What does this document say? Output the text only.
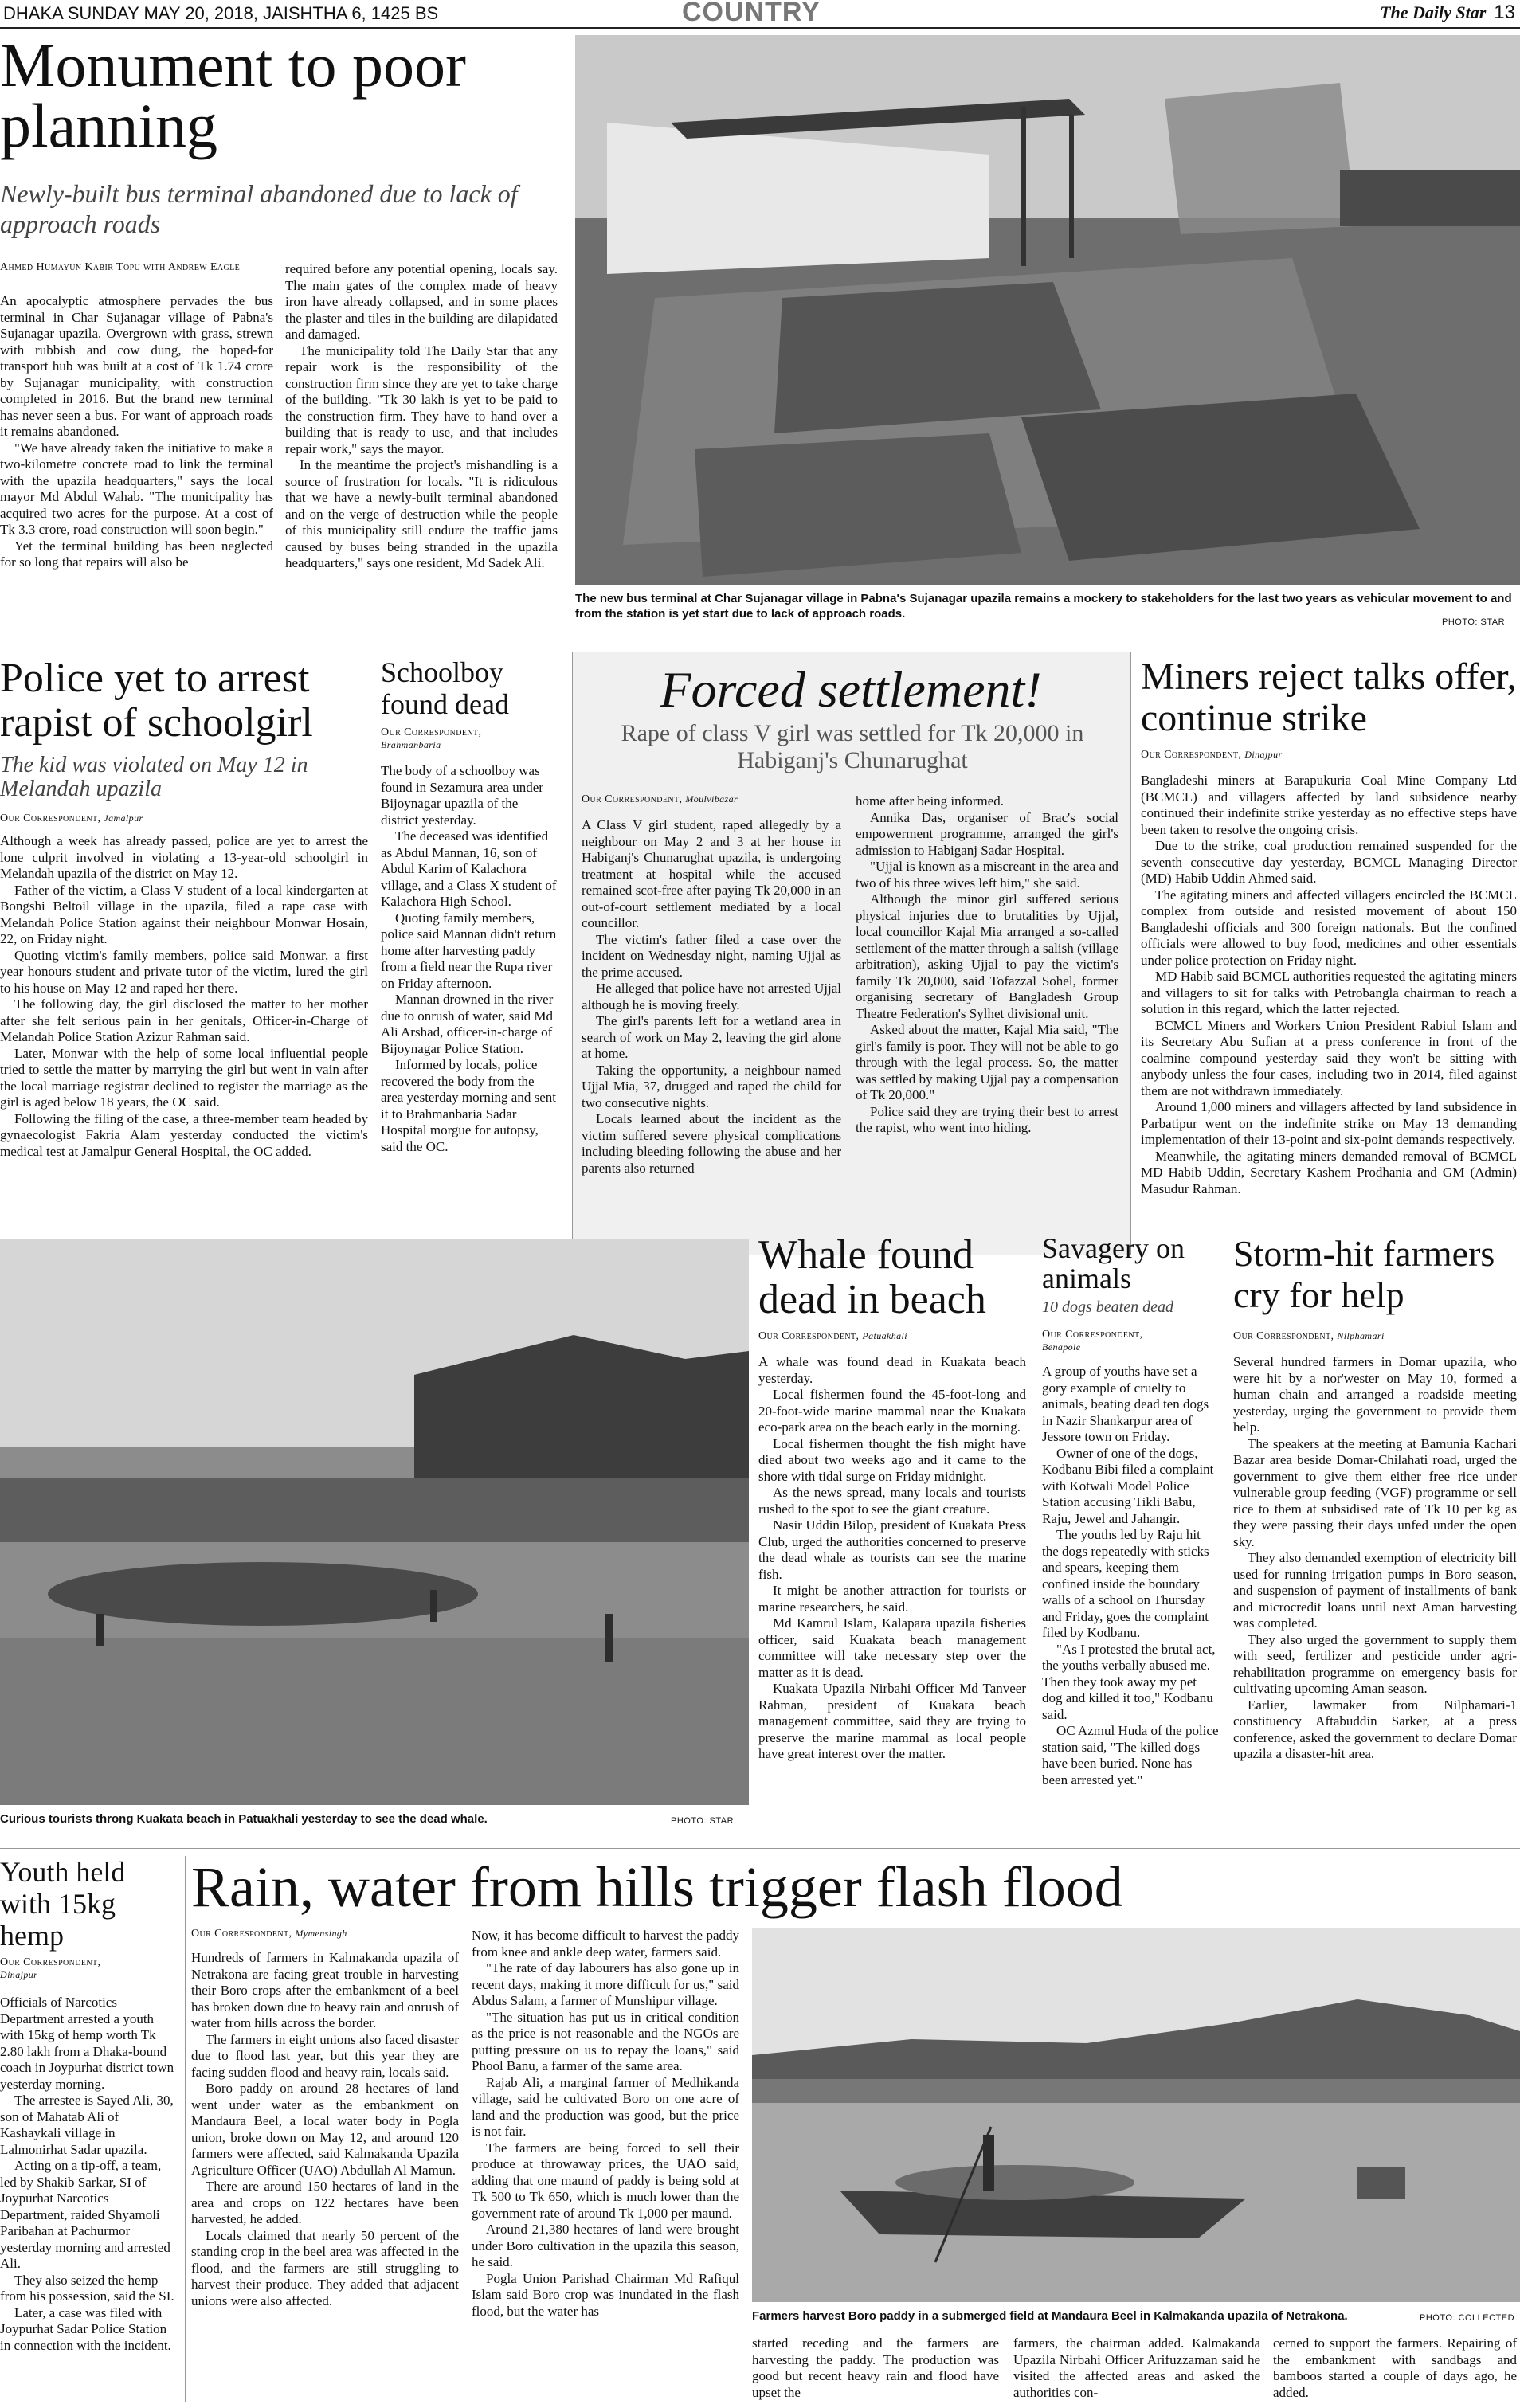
DHAKA SUNDAY MAY 20, 2018, JAISHTHA 6, 1425 BS	COUNTRY	The Daily Star 13
Monument to poor planning
Newly-built bus terminal abandoned due to lack of approach roads
Ahmed Humayun Kabir Topu with Andrew Eagle

An apocalyptic atmosphere pervades the bus terminal in Char Sujanagar village of Pabna's Sujanagar upazila. Overgrown with grass, strewn with rubbish and cow dung, the hoped-for transport hub was built at a cost of Tk 1.74 crore by Sujanagar municipality, with construction completed in 2016. But the brand new terminal has never seen a bus. For want of approach roads it remains abandoned.

"We have already taken the initiative to make a two-kilometre concrete road to link the terminal with the upazila headquarters," says the local mayor Md Abdul Wahab. "The municipality has acquired two acres for the purpose. At a cost of Tk 3.3 crore, road construction will soon begin."

Yet the terminal building has been neglected for so long that repairs will also be

required before any potential opening, locals say. The main gates of the complex made of heavy iron have already collapsed, and in some places the plaster and tiles in the building are dilapidated and damaged.

The municipality told The Daily Star that any repair work is the responsibility of the construction firm since they are yet to take charge of the building. "Tk 30 lakh is yet to be paid to the construction firm. They have to hand over a building that is ready to use, and that includes repair work," says the mayor.

In the meantime the project's mishandling is a source of frustration for locals. "It is ridiculous that we have a newly-built terminal abandoned and on the verge of destruction while the people of this municipality still endure the traffic jams caused by buses being stranded in the upazila headquarters," says one resident, Md Sadek Ali.

The new bus terminal at Char Sujanagar village in Pabna's Sujanagar upazila remains a mockery to stakeholders for the last two years as vehicular movement to and from the station is yet start due to lack of approach roads.
PHOTO: STAR
Police yet to arrest rapist of schoolgirl
The kid was violated on May 12 in Melandah upazila
Our Correspondent, Jamalpur

Although a week has already passed, police are yet to arrest the lone culprit involved in violating a 13-year-old schoolgirl in Melandah upazila of the district on May 12.

Father of the victim, a Class V student of a local kindergarten at Bongshi Beltoil village in the upazila, filed a rape case with Melandah Police Station against their neighbour Monwar Hosain, 22, on Friday night.

Quoting victim's family members, police said Monwar, a first year honours student and private tutor of the victim, lured the girl to his house on May 12 and raped her there.

The following day, the girl disclosed the matter to her mother after she felt serious pain in her genitals, Officer-in-Charge of Melandah Police Station Azizur Rahman said.

Later, Monwar with the help of some local influential people tried to settle the matter by marrying the girl but went in vain after the local marriage registrar declined to register the marriage as the girl is aged below 18 years, the OC said.

Following the filing of the case, a three-member team headed by gynaecologist Fakria Alam yesterday conducted the victim's medical test at Jamalpur General Hospital, the OC added.

Schoolboy found dead
Our Correspondent,
Brahmanbaria

The body of a schoolboy was found in Sezamura area under Bijoynagar upazila of the district yesterday.

The deceased was identified as Abdul Mannan, 16, son of Abdul Karim of Kalachora village, and a Class X student of Kalachora High School.

Quoting family members, police said Mannan didn't return home after harvesting paddy from a field near the Rupa river on Friday afternoon.

Mannan drowned in the river due to onrush of water, said Md Ali Arshad, officer-in-charge of Bijoynagar Police Station.

Informed by locals, police recovered the body from the area yesterday morning and sent it to Brahmanbaria Sadar Hospital morgue for autopsy, said the OC.

Forced settlement!
Rape of class V girl was settled for Tk 20,000 in Habiganj's Chunarughat
Our Correspondent, Moulvibazar

A Class V girl student, raped allegedly by a neighbour on May 2 and 3 at her house in Habiganj's Chunarughat upazila, is undergoing treatment at hospital while the accused remained scot-free after paying Tk 20,000 in an out-of-court settlement mediated by a local councillor.

The victim's father filed a case over the incident on Wednesday night, naming Ujjal as the prime accused.

He alleged that police have not arrested Ujjal although he is moving freely.

The girl's parents left for a wetland area in search of work on May 2, leaving the girl alone at home.

Taking the opportunity, a neighbour named Ujjal Mia, 37, drugged and raped the child for two consecutive nights.

Locals learned about the incident as the victim suffered severe physical complications including bleeding following the abuse and her parents also returned

home after being informed.

Annika Das, organiser of Brac's social empowerment programme, arranged the girl's admission to Habiganj Sadar Hospital.

"Ujjal is known as a miscreant in the area and two of his three wives left him," she said.

Although the minor girl suffered serious physical injuries due to brutalities by Ujjal, local councillor Kajal Mia arranged a so-called settlement of the matter through a salish (village arbitration), asking Ujjal to pay the victim's family Tk 20,000, said Tofazzal Sohel, former organising secretary of Bangladesh Group Theatre Federation's Sylhet divisional unit.

Asked about the matter, Kajal Mia said, "The girl's family is poor. They will not be able to go through with the legal process. So, the matter was settled by making Ujjal pay a compensation of Tk 20,000."

Police said they are trying their best to arrest the rapist, who went into hiding.

Miners reject talks offer, continue strike
Our Correspondent, Dinajpur

Bangladeshi miners at Barapukuria Coal Mine Company Ltd (BCMCL) and villagers affected by land subsidence nearby continued their indefinite strike yesterday as no effective steps have been taken to resolve the ongoing crisis.

Due to the strike, coal production remained suspended for the seventh consecutive day yesterday, BCMCL Managing Director (MD) Habib Uddin Ahmed said.

The agitating miners and affected villagers encircled the BCMCL complex from outside and resisted movement of about 150 Bangladeshi officials and 300 foreign nationals. But the confined officials were allowed to buy food, medicines and other essentials under police protection on Friday night.

MD Habib said BCMCL authorities requested the agitating miners and villagers to sit for talks with Petrobangla chairman to reach a solution in this regard, which the latter rejected.

BCMCL Miners and Workers Union President Rabiul Islam and its Secretary Abu Sufian at a press conference in front of the coalmine compound yesterday said they won't be sitting with anybody unless the four cases, including two in 2014, filed against them are not withdrawn immediately.

Around 1,000 miners and villagers affected by land subsidence in Parbatipur went on the indefinite strike on May 13 demanding implementation of their 13-point and six-point demands respectively.

Meanwhile, the agitating miners demanded removal of BCMCL MD Habib Uddin, Secretary Kashem Prodhania and GM (Admin) Masudur Rahman.

Curious tourists throng Kuakata beach in Patuakhali yesterday to see the dead whale.	PHOTO: STAR
Whale found dead in beach
Our Correspondent, Patuakhali

A whale was found dead in Kuakata beach yesterday.

Local fishermen found the 45-foot-long and 20-foot-wide marine mammal near the Kuakata eco-park area on the beach early in the morning.

Local fishermen thought the fish might have died about two weeks ago and it came to the shore with tidal surge on Friday midnight.

As the news spread, many locals and tourists rushed to the spot to see the giant creature.

Nasir Uddin Bilop, president of Kuakata Press Club, urged the authorities concerned to preserve the dead whale as tourists can see the marine fish.

It might be another attraction for tourists or marine researchers, he said.

Md Kamrul Islam, Kalapara upazila fisheries officer, said Kuakata beach management committee will take necessary step over the matter as it is dead.

Kuakata Upazila Nirbahi Officer Md Tanveer Rahman, president of Kuakata beach management committee, said they are trying to preserve the marine mammal as local people have great interest over the matter.

Savagery on animals
10 dogs beaten dead
Our Correspondent,
Benapole

A group of youths have set a gory example of cruelty to animals, beating dead ten dogs in Nazir Shankarpur area of Jessore town on Friday.

Owner of one of the dogs, Kodbanu Bibi filed a complaint with Kotwali Model Police Station accusing Tikli Babu, Raju, Jewel and Jahangir.

The youths led by Raju hit the dogs repeatedly with sticks and spears, keeping them confined inside the boundary walls of a school on Thursday and Friday, goes the complaint filed by Kodbanu.

"As I protested the brutal act, the youths verbally abused me. Then they took away my pet dog and killed it too," Kodbanu said.

OC Azmul Huda of the police station said, "The killed dogs have been buried. None has been arrested yet."

Storm-hit farmers cry for help
Our Correspondent, Nilphamari

Several hundred farmers in Domar upazila, who were hit by a nor'wester on May 10, formed a human chain and arranged a roadside meeting yesterday, urging the government to provide them help.

The speakers at the meeting at Bamunia Kachari Bazar area beside Domar-Chilahati road, urged the government to give them either free rice under vulnerable group feeding (VGF) programme or sell rice to them at subsidised rate of Tk 10 per kg as they were passing their days unfed under the open sky.

They also demanded exemption of electricity bill used for running irrigation pumps in Boro season, and suspension of payment of installments of bank and microcredit loans until next Aman harvesting was completed.

They also urged the government to supply them with seed, fertilizer and pesticide under agri-rehabilitation programme on emergency basis for cultivating upcoming Aman season.

Earlier, lawmaker from Nilphamari-1 constituency Aftabuddin Sarker, at a press conference, asked the government to declare Domar upazila a disaster-hit area.

Youth held with 15kg hemp
Our Correspondent,
Dinajpur

Officials of Narcotics Department arrested a youth with 15kg of hemp worth Tk 2.80 lakh from a Dhaka-bound coach in Joypurhat district town yesterday morning.

The arrestee is Sayed Ali, 30, son of Mahatab Ali of Kashaykali village in Lalmonirhat Sadar upazila.

Acting on a tip-off, a team, led by Shakib Sarkar, SI of Joypurhat Narcotics Department, raided Shyamoli Paribahan at Pachurmor yesterday morning and arrested Ali.

They also seized the hemp from his possession, said the SI.

Later, a case was filed with Joypurhat Sadar Police Station in connection with the incident.

Rain, water from hills trigger flash flood
Our Correspondent, Mymensingh

Hundreds of farmers in Kalmakanda upazila of Netrakona are facing great trouble in harvesting their Boro crops after the embankment of a beel has broken down due to heavy rain and onrush of water from hills across the border.

The farmers in eight unions also faced disaster due to flood last year, but this year they are facing sudden flood and heavy rain, locals said.

Boro paddy on around 28 hectares of land went under water as the embankment on Mandaura Beel, a local water body in Pogla union, broke down on May 12, and around 120 farmers were affected, said Kalmakanda Upazila Agriculture Officer (UAO) Abdullah Al Mamun.

There are around 150 hectares of land in the area and crops on 122 hectares have been harvested, he added.

Locals claimed that nearly 50 percent of the standing crop in the beel area was affected in the flood, and the farmers are still struggling to harvest their produce. They added that adjacent unions were also affected.

Now, it has become difficult to harvest the paddy from knee and ankle deep water, farmers said.

"The rate of day labourers has also gone up in recent days, making it more difficult for us," said Abdus Salam, a farmer of Munshipur village.

"The situation has put us in critical condition as the price is not reasonable and the NGOs are putting pressure on us to repay the loans," said Phool Banu, a farmer of the same area.

Rajab Ali, a marginal farmer of Medhikanda village, said he cultivated Boro on one acre of land and the production was good, but the price is not fair.

The farmers are being forced to sell their produce at throwaway prices, the UAO said, adding that one maund of paddy is being sold at Tk 500 to Tk 650, which is much lower than the government rate of around Tk 1,000 per maund.

Around 21,380 hectares of land were brought under Boro cultivation in the upazila this season, he said.

Pogla Union Parishad Chairman Md Rafiqul Islam said Boro crop was inundated in the flash flood, but the water has	Farmers harvest Boro paddy in a submerged field at Mandaura Beel in Kalmakanda upazila of Netrakona.	PHOTO: COLLECTED

started receding and the farmers are harvesting the paddy. The production was good but recent heavy rain and flood have upset the

farmers, the chairman added. Kalmakanda Upazila Nirbahi Officer Arifuzzaman said he visited the affected areas and asked the authorities con-

cerned to support the farmers. Repairing of the embankment with sandbags and bamboos started a couple of days ago, he added.
